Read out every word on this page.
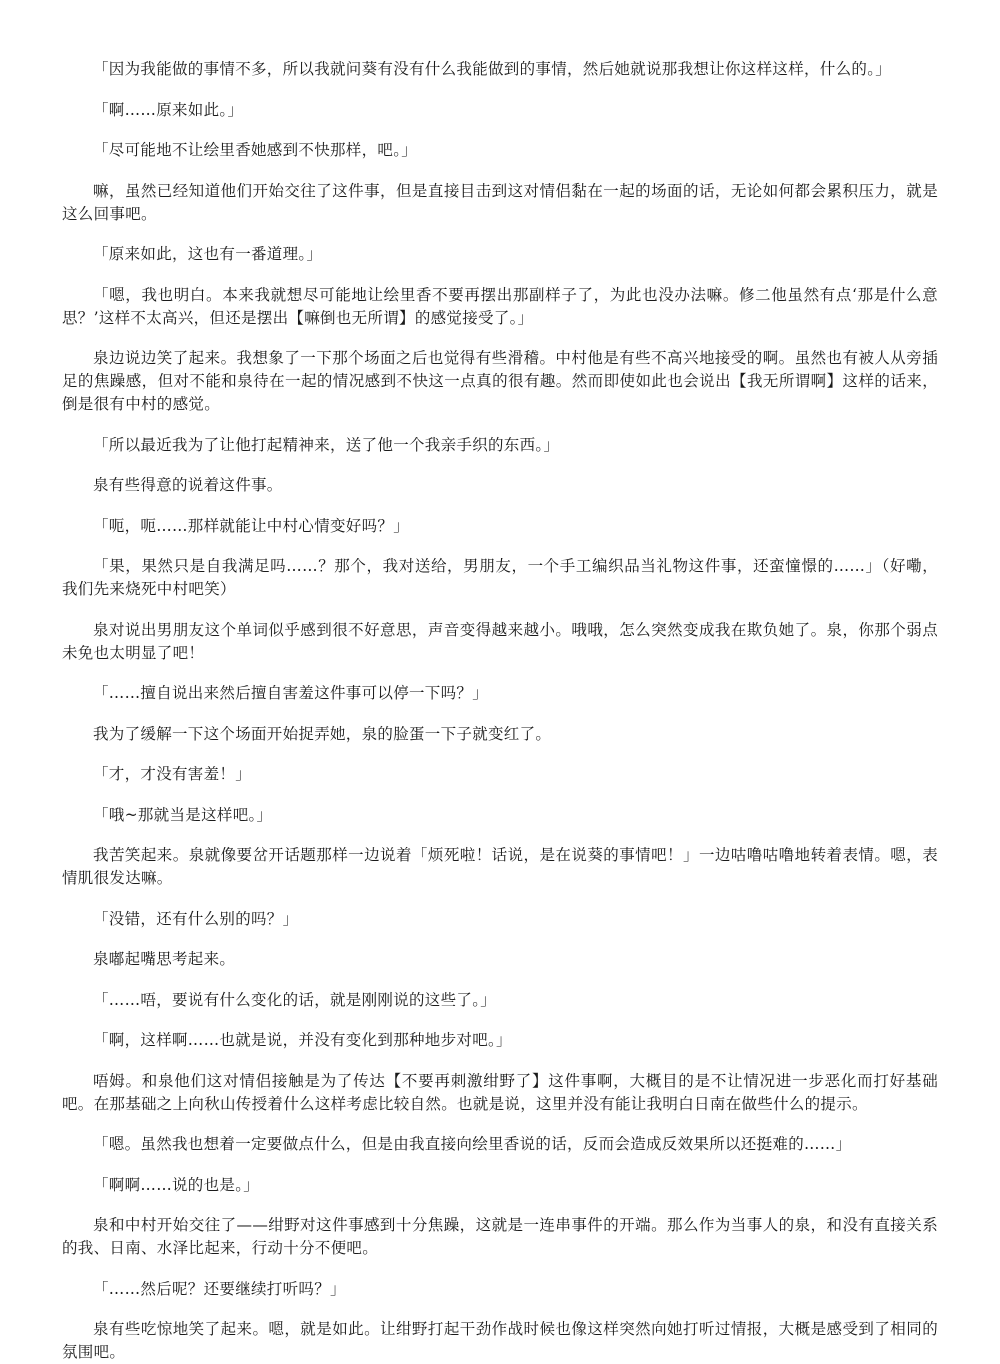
「因为我能做的事情不多，所以我就问葵有没有什么我能做到的事情，然后她就说那我想让你这样这样，什么的。」

「啊……原来如此。」

「尽可能地不让绘里香她感到不快那样，吧。」

嘛，虽然已经知道他们开始交往了这件事，但是直接目击到这对情侣黏在一起的场面的话，无论如何都会累积压力，就是这么回事吧。

「原来如此，这也有一番道理。」

「嗯，我也明白。本来我就想尽可能地让绘里香不要再摆出那副样子了，为此也没办法嘛。修二他虽然有点‘那是什么意思？’这样不太高兴，但还是摆出【嘛倒也无所谓】的感觉接受了。」

泉边说边笑了起来。我想象了一下那个场面之后也觉得有些滑稽。中村他是有些不高兴地接受的啊。虽然也有被人从旁插足的焦躁感，但对不能和泉待在一起的情况感到不快这一点真的很有趣。然而即使如此也会说出【我无所谓啊】这样的话来，倒是很有中村的感觉。

「所以最近我为了让他打起精神来，送了他一个我亲手织的东西。」

泉有些得意的说着这件事。

「呃，呃……那样就能让中村心情变好吗？」

「果，果然只是自我满足吗……？那个，我对送给，男朋友，一个手工编织品当礼物这件事，还蛮憧憬的……」（好嘞，我们先来烧死中村吧笑）

泉对说出男朋友这个单词似乎感到很不好意思，声音变得越来越小。哦哦，怎么突然变成我在欺负她了。泉，你那个弱点未免也太明显了吧！

「……擅自说出来然后擅自害羞这件事可以停一下吗？」

我为了缓解一下这个场面开始捉弄她，泉的脸蛋一下子就变红了。

「才，才没有害羞！」

「哦~那就当是这样吧。」

我苦笑起来。泉就像要岔开话题那样一边说着「烦死啦！话说，是在说葵的事情吧！」一边咕噜咕噜地转着表情。嗯，表情肌很发达嘛。

「没错，还有什么别的吗？」

泉嘟起嘴思考起来。

「……唔，要说有什么变化的话，就是刚刚说的这些了。」

「啊，这样啊……也就是说，并没有变化到那种地步对吧。」

唔姆。和泉他们这对情侣接触是为了传达【不要再刺激绀野了】这件事啊，大概目的是不让情况进一步恶化而打好基础吧。在那基础之上向秋山传授着什么这样考虑比较自然。也就是说，这里并没有能让我明白日南在做些什么的提示。

「嗯。虽然我也想着一定要做点什么，但是由我直接向绘里香说的话，反而会造成反效果所以还挺难的……」

「啊啊……说的也是。」

泉和中村开始交往了——绀野对这件事感到十分焦躁，这就是一连串事件的开端。那么作为当事人的泉，和没有直接关系的我、日南、水泽比起来，行动十分不便吧。

「……然后呢？还要继续打听吗？」

泉有些吃惊地笑了起来。嗯，就是如此。让绀野打起干劲作战时候也像这样突然向她打听过情报，大概是感受到了相同的氛围吧。
